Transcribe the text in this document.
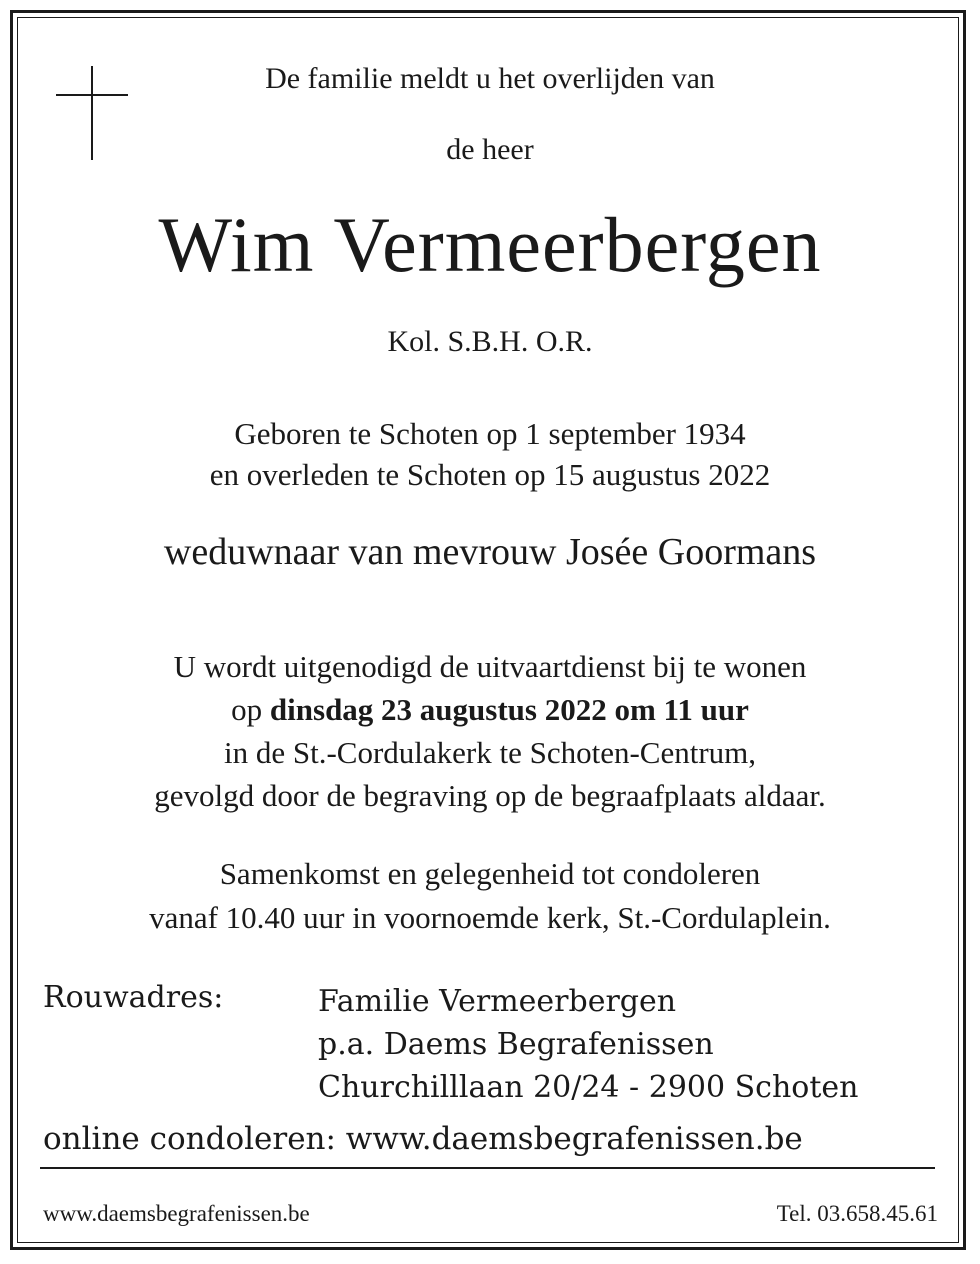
De familie meldt u het overlijden van
de heer
Wim Vermeerbergen
Kol. S.B.H. O.R.
Geboren te Schoten op 1 september 1934
en overleden te Schoten op 15 augustus 2022
weduwnaar van mevrouw Josée Goormans
U wordt uitgenodigd de uitvaartdienst bij te wonen
op dinsdag 23 augustus 2022 om 11 uur
in de St.-Cordulakerk te Schoten-Centrum,
gevolgd door de begraving op de begraafplaats aldaar.
Samenkomst en gelegenheid tot condoleren
vanaf 10.40 uur in voornoemde kerk, St.-Cordulaplein.
Rouwadres:	Familie Vermeerbergen
p.a. Daems Begrafenissen
Churchilllaan 20/24 - 2900 Schoten
online condoleren: www.daemsbegrafenissen.be
www.daemsbegrafenissen.be	Tel. 03.658.45.61
